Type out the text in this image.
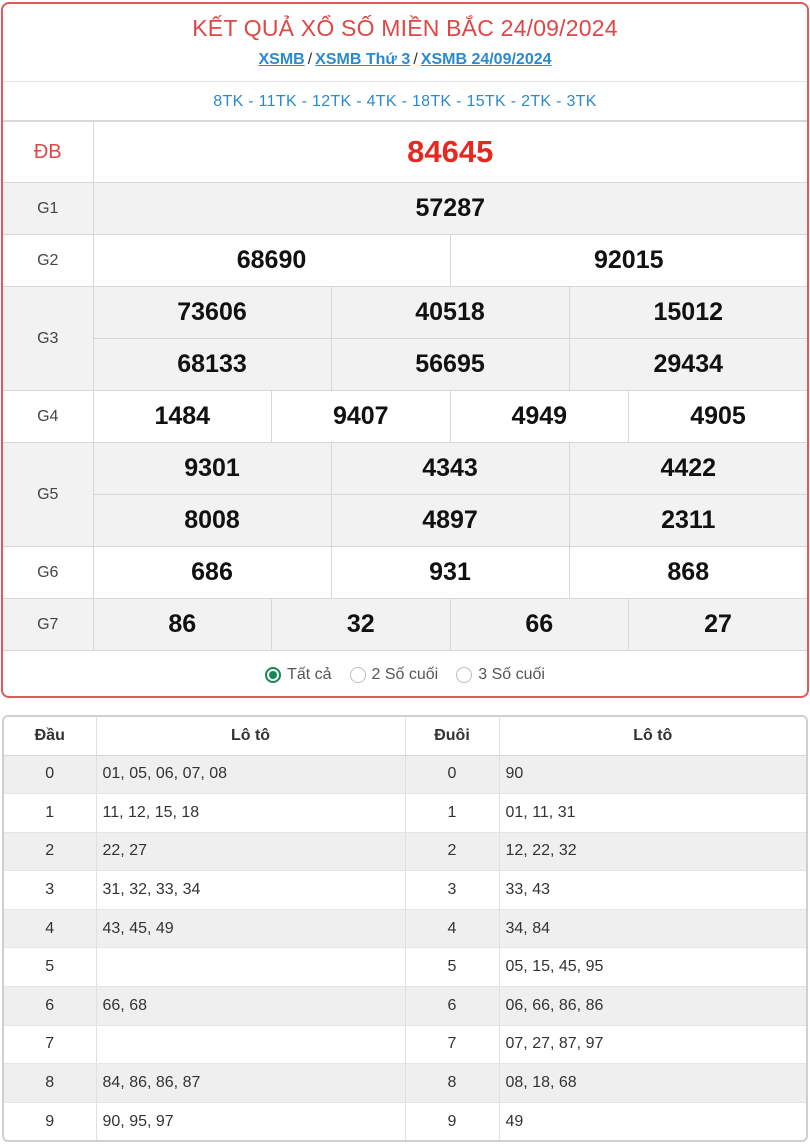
KẾT QUẢ XỔ SỐ MIỀN BẮC 24/09/2024
XSMB / XSMB Thứ 3 / XSMB 24/09/2024
8TK - 11TK - 12TK - 4TK - 18TK - 15TK - 2TK - 3TK
ĐB	84645					
G1	57287					
G2	68690			92015		
G3	73606		40518		15012	
	68133		56695		29434	
G4	1484	9407		4949		4905
G5	9301		4343		4422	
	8008		4897		2311	
G6	686		931		868	
G7	86	32		66		27
Tất cả	2 Số cuối	3 Số cuối
Đầu	Lô tô	Đuôi	Lô tô
0	01, 05, 06, 07, 08	0	90
1	11, 12, 15, 18	1	01, 11, 31
2	22, 27	2	12, 22, 32
3	31, 32, 33, 34	3	33, 43
4	43, 45, 49	4	34, 84
5		5	05, 15, 45, 95
6	66, 68	6	06, 66, 86, 86
7		7	07, 27, 87, 97
8	84, 86, 86, 87	8	08, 18, 68
9	90, 95, 97	9	49
